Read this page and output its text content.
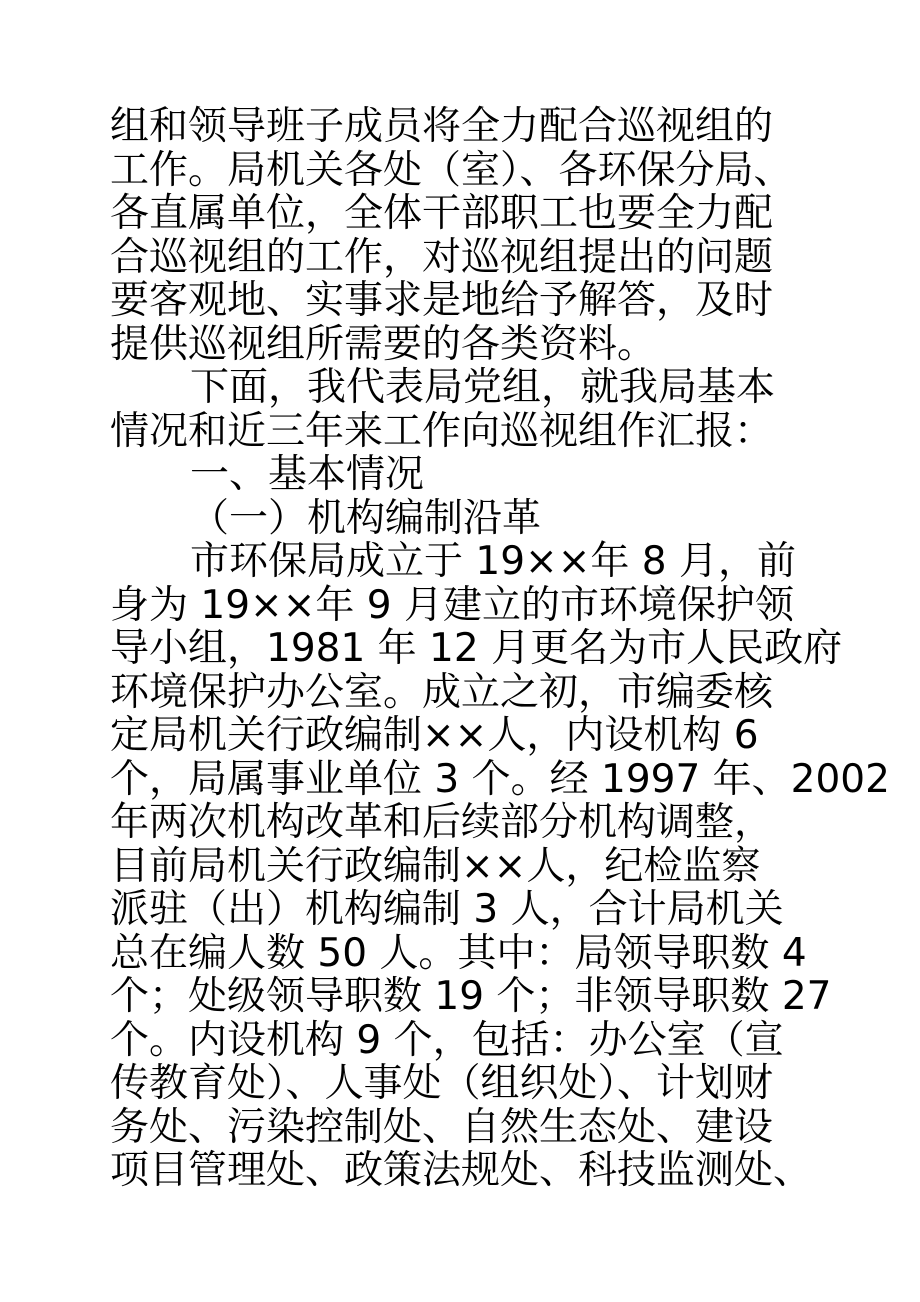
组和领导班子成员将全力配合巡视组的
工作。局机关各处（室）、各环保分局、
各直属单位，全体干部职工也要全力配
合巡视组的工作，对巡视组提出的问题
要客观地、实事求是地给予解答，及时
提供巡视组所需要的各类资料。
下面，我代表局党组，就我局基本
情况和近三年来工作向巡视组作汇报：
一、基本情况
（一）机构编制沿革
市环保局成立于 19××年 8 月，前
身为 19××年 9 月建立的市环境保护领
导小组，1981 年 12 月更名为市人民政府
环境保护办公室。成立之初，市编委核
定局机关行政编制××人，内设机构 6
个，局属事业单位 3 个。经 1997 年、2002
年两次机构改革和后续部分机构调整，
目前局机关行政编制××人，纪检监察
派驻（出）机构编制 3 人，合计局机关
总在编人数 50 人。其中：局领导职数 4
个；处级领导职数 19 个；非领导职数 27
个。内设机构 9 个，包括：办公室（宣
传教育处）、人事处（组织处）、计划财
务处、污染控制处、自然生态处、建设
项目管理处、政策法规处、科技监测处、
